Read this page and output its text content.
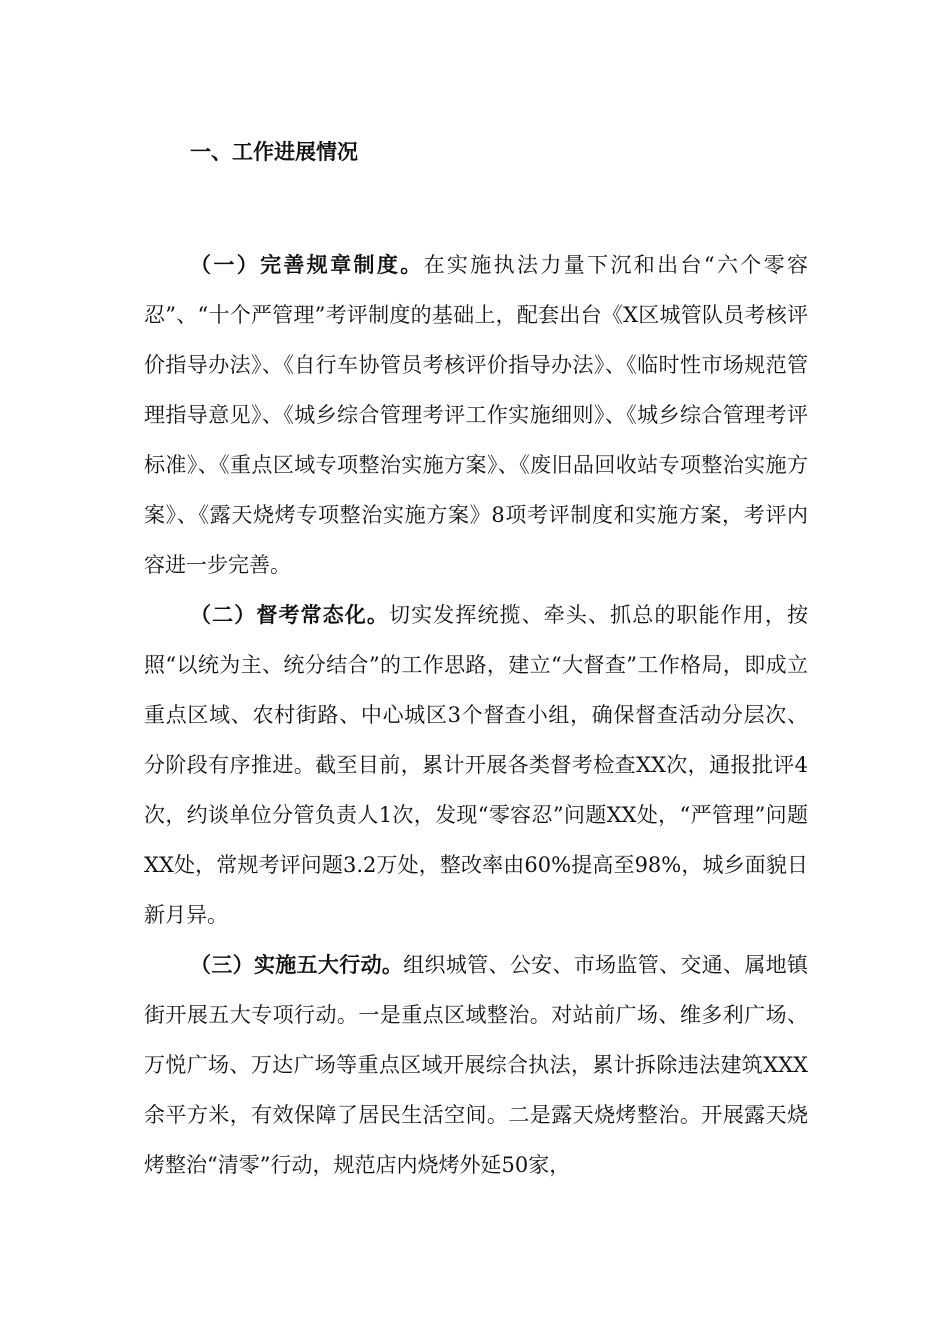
一、工作进展情况

（一）完善规章制度。在实施执法力量下沉和出台“六个零容忍”、“十个严管理”考评制度的基础上，配套出台《X区城管队员考核评价指导办法》、《自行车协管员考核评价指导办法》、《临时性市场规范管理指导意见》、《城乡综合管理考评工作实施细则》、《城乡综合管理考评标准》、《重点区域专项整治实施方案》、《废旧品回收站专项整治实施方案》、《露天烧烤专项整治实施方案》8项考评制度和实施方案，考评内容进一步完善。

（二）督考常态化。切实发挥统揽、牵头、抓总的职能作用，按照“以统为主、统分结合”的工作思路，建立“大督查”工作格局，即成立重点区域、农村街路、中心城区3个督查小组，确保督查活动分层次、分阶段有序推进。截至目前，累计开展各类督考检查XX次，通报批评4次，约谈单位分管负责人1次，发现“零容忍”问题XX处，“严管理”问题XX处，常规考评问题3.2万处，整改率由60%提高至98%，城乡面貌日新月异。

（三）实施五大行动。组织城管、公安、市场监管、交通、属地镇街开展五大专项行动。一是重点区域整治。对站前广场、维多利广场、万悦广场、万达广场等重点区域开展综合执法，累计拆除违法建筑XXX余平方米，有效保障了居民生活空间。二是露天烧烤整治。开展露天烧烤整治“清零”行动，规范店内烧烤外延50家，
